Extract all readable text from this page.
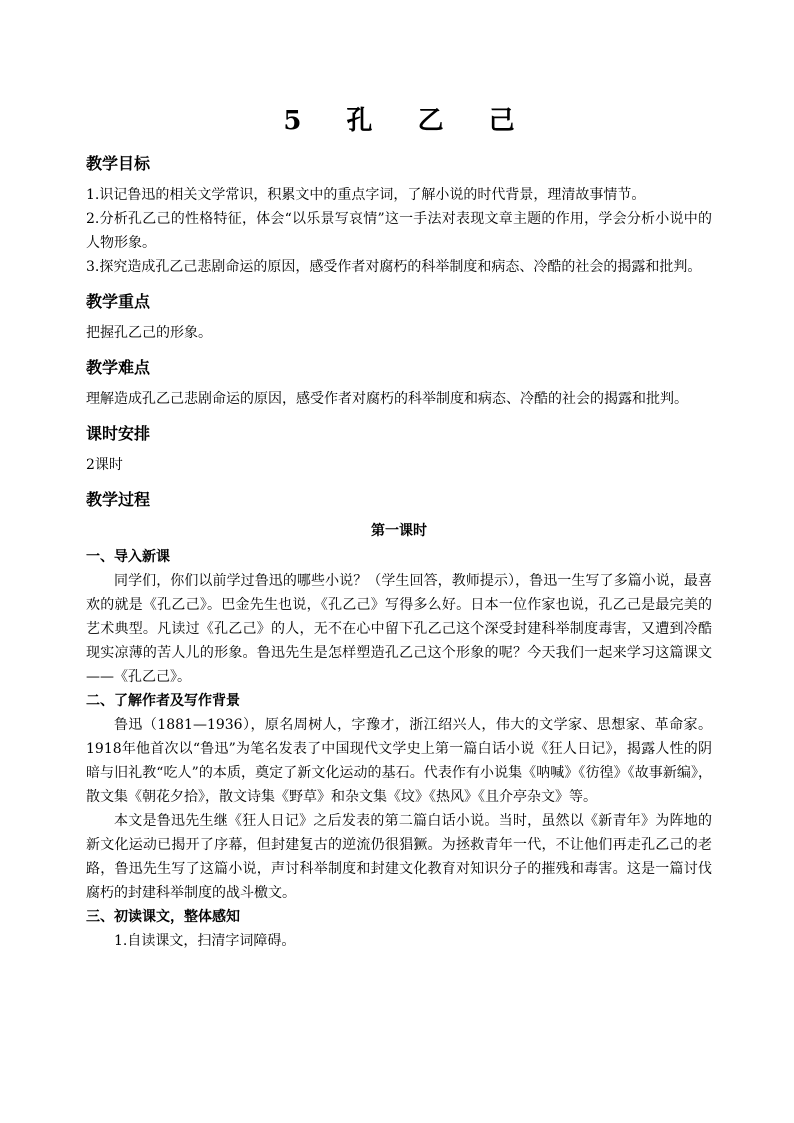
5 孔 乙 己
教学目标
1.识记鲁迅的相关文学常识，积累文中的重点字词，了解小说的时代背景，理清故事情节。
2.分析孔乙己的性格特征，体会“以乐景写哀情”这一手法对表现文章主题的作用，学会分析小说中的人物形象。
3.探究造成孔乙己悲剧命运的原因，感受作者对腐朽的科举制度和病态、冷酷的社会的揭露和批判。
教学重点
把握孔乙己的形象。
教学难点
理解造成孔乙己悲剧命运的原因，感受作者对腐朽的科举制度和病态、冷酷的社会的揭露和批判。
课时安排
2课时
教学过程
第一课时
一、导入新课
同学们，你们以前学过鲁迅的哪些小说？（学生回答，教师提示），鲁迅一生写了多篇小说，最喜欢的就是《孔乙己》。巴金先生也说，《孔乙己》写得多么好。日本一位作家也说，孔乙己是最完美的艺术典型。凡读过《孔乙己》的人，无不在心中留下孔乙己这个深受封建科举制度毒害，又遭到冷酷现实凉薄的苦人儿的形象。鲁迅先生是怎样塑造孔乙己这个形象的呢？今天我们一起来学习这篇课文——《孔乙己》。
二、了解作者及写作背景
鲁迅（1881—1936），原名周树人，字豫才，浙江绍兴人，伟大的文学家、思想家、革命家。1918年他首次以“鲁迅”为笔名发表了中国现代文学史上第一篇白话小说《狂人日记》，揭露人性的阴暗与旧礼教“吃人”的本质，奠定了新文化运动的基石。代表作有小说集《呐喊》《彷徨》《故事新编》，散文集《朝花夕拾》，散文诗集《野草》和杂文集《坟》《热风》《且介亭杂文》等。
本文是鲁迅先生继《狂人日记》之后发表的第二篇白话小说。当时，虽然以《新青年》为阵地的新文化运动已揭开了序幕，但封建复古的逆流仍很猖獗。为拯救青年一代，不让他们再走孔乙己的老路，鲁迅先生写了这篇小说，声讨科举制度和封建文化教育对知识分子的摧残和毒害。这是一篇讨伐腐朽的封建科举制度的战斗檄文。
三、初读课文，整体感知
1.自读课文，扫清字词障碍。
